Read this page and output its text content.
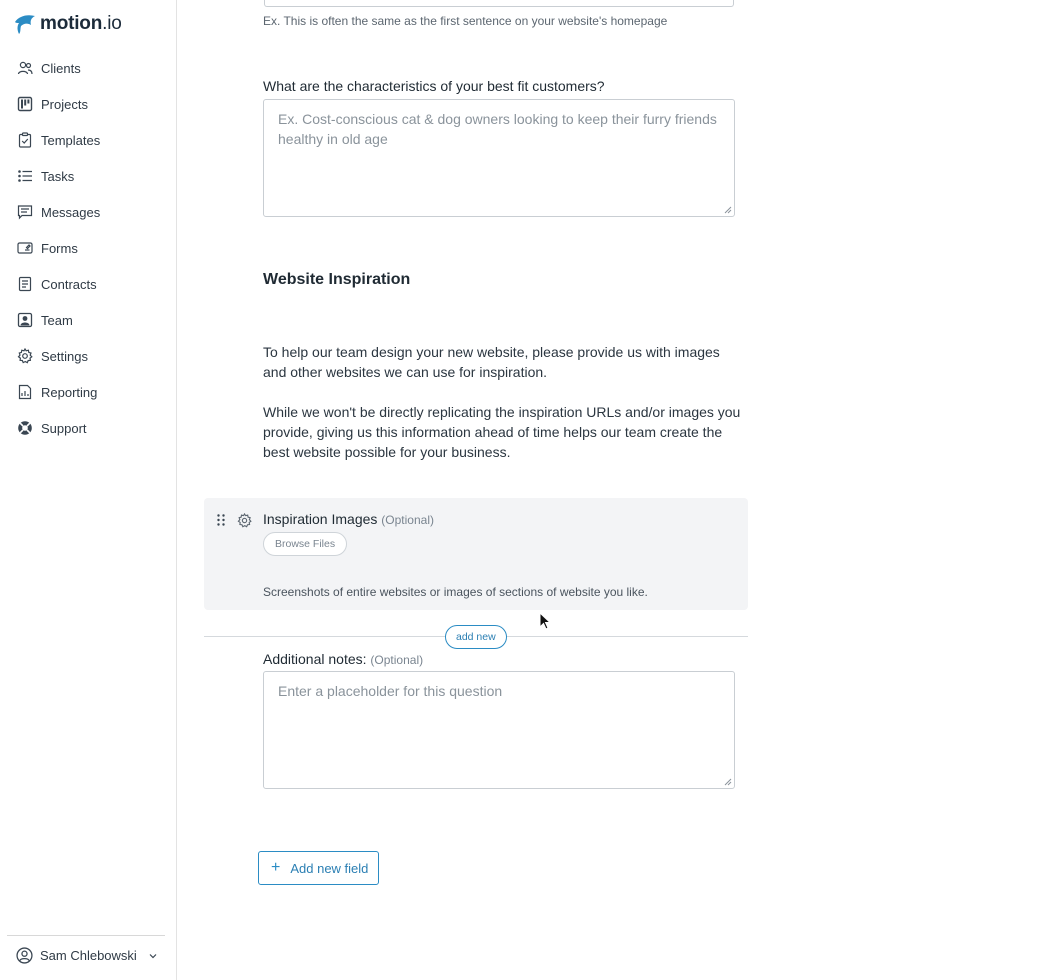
motion.io
Clients
Projects
Templates
Tasks
Messages
Forms
Contracts
Team
Settings
Reporting
Support
Sam Chlebowski
Ex. This is often the same as the first sentence on your website's homepage
What are the characteristics of your best fit customers?
Ex. Cost-conscious cat & dog owners looking to keep their furry friends healthy in old age
Website Inspiration
To help our team design your new website, please provide us with images and other websites we can use for inspiration.
While we won't be directly replicating the inspiration URLs and/or images you provide, giving us this information ahead of time helps our team create the best website possible for your business.
Inspiration Images (Optional)
Browse Files
Screenshots of entire websites or images of sections of website you like.
add new
Additional notes: (Optional)
Enter a placeholder for this question
+ Add new field
